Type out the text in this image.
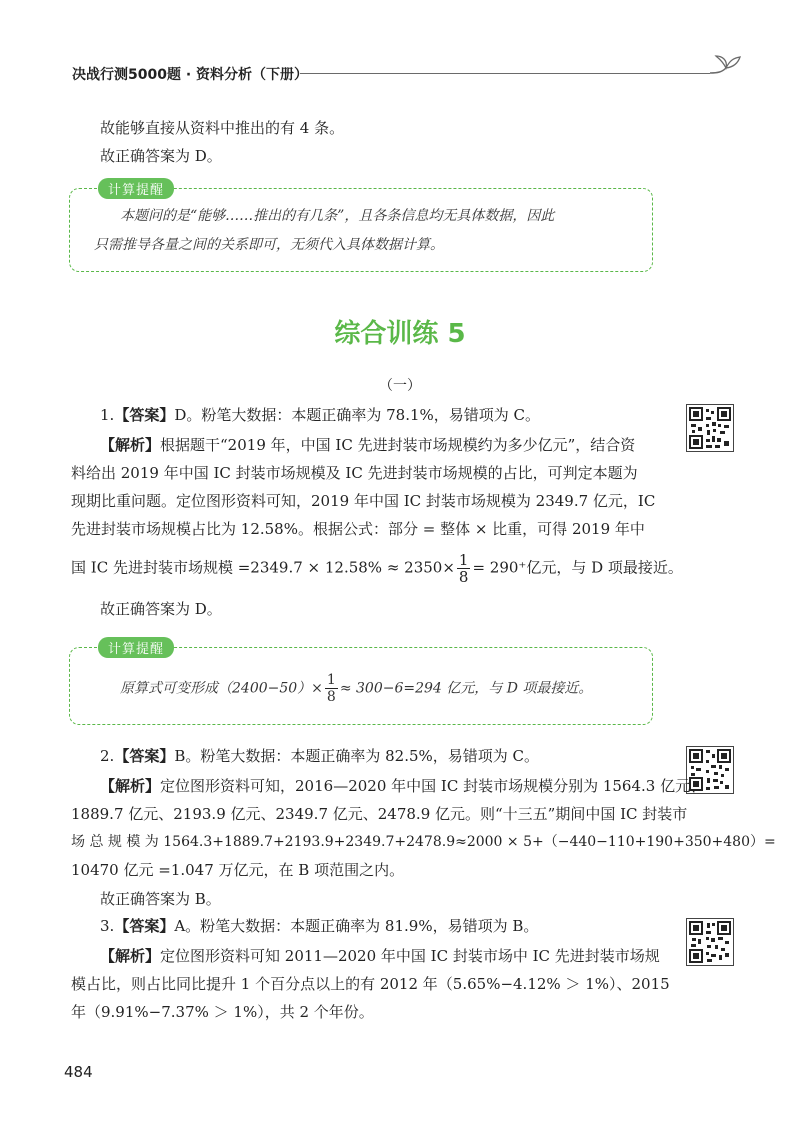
决战行测5000题 · 资料分析（下册）
故能够直接从资料中推出的有 4 条。
故正确答案为 D。
计算提醒
本题问的是“能够……推出的有几条”，且各条信息均无具体数据，因此
只需推导各量之间的关系即可，无须代入具体数据计算。
综合训练 5
（一）
1.【答案】D。粉笔大数据：本题正确率为 78.1%，易错项为 C。
【解析】根据题干“2019 年，中国 IC 先进封装市场规模约为多少亿元”，结合资
料给出 2019 年中国 IC 封装市场规模及 IC 先进封装市场规模的占比，可判定本题为
现期比重问题。定位图形资料可知，2019 年中国 IC 封装市场规模为 2349.7 亿元，IC
先进封装市场规模占比为 12.58%。根据公式：部分 = 整体 × 比重，可得 2019 年中
国 IC 先进封装市场规模 $=2349.7 \times 12.58\% \approx 2350\times \frac{1}{8} = 290^+$亿元，与 D 项最接近。
故正确答案为 D。
计算提醒
原算式可变形成$(2400-50)\times \frac{1}{8} \approx 300-6=294$ 亿元，与 D 项最接近。
2.【答案】B。粉笔大数据：本题正确率为 82.5%，易错项为 C。
【解析】定位图形资料可知，2016—2020 年中国 IC 封装市场规模分别为 1564.3 亿元、
1889.7 亿元、2193.9 亿元、2349.7 亿元、2478.9 亿元。则“十三五”期间中国 IC 封装市
场 总 规 模 为 1564.3+1889.7+2193.9+2349.7+2478.9≈2000 × 5+（−440−110+190+350+480）=
10470 亿元 =1.047 万亿元，在 B 项范围之内。
故正确答案为 B。
3.【答案】A。粉笔大数据：本题正确率为 81.9%，易错项为 B。
【解析】定位图形资料可知 2011—2020 年中国 IC 封装市场中 IC 先进封装市场规
模占比，则占比同比提升 1 个百分点以上的有 2012 年（5.65%−4.12% ＞ 1%）、2015
年（9.91%−7.37% ＞ 1%），共 2 个年份。
484
